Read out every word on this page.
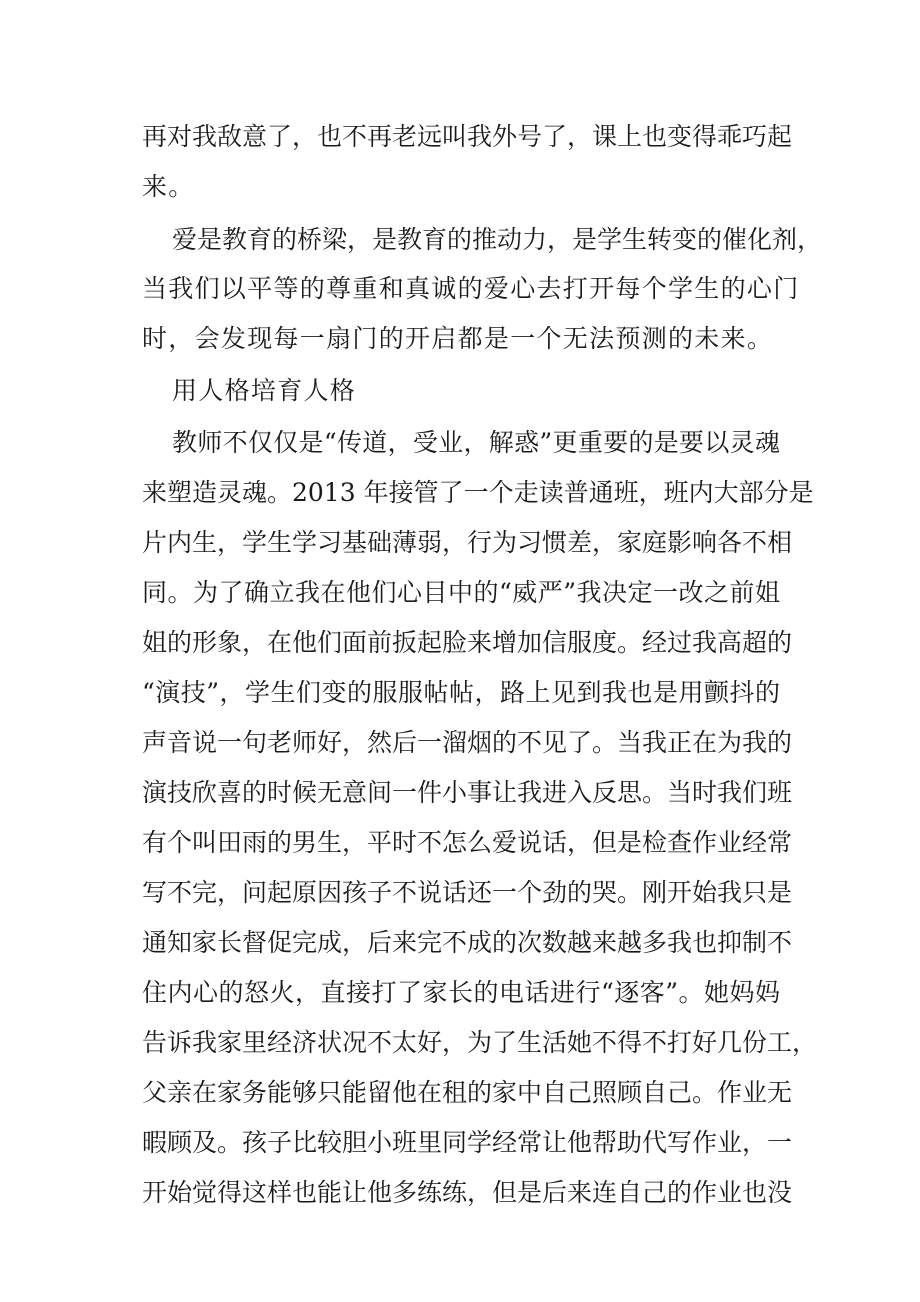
再对我敌意了，也不再老远叫我外号了，课上也变得乖巧起

来。

爱是教育的桥梁，是教育的推动力，是学生转变的催化剂，

当我们以平等的尊重和真诚的爱心去打开每个学生的心门

时，会发现每一扇门的开启都是一个无法预测的未来。

用人格培育人格

教师不仅仅是“传道，受业，解惑”更重要的是要以灵魂

来塑造灵魂。2013 年接管了一个走读普通班，班内大部分是

片内生，学生学习基础薄弱，行为习惯差，家庭影响各不相

同。为了确立我在他们心目中的“威严”我决定一改之前姐

姐的形象，在他们面前扳起脸来增加信服度。经过我高超的

“演技”，学生们变的服服帖帖，路上见到我也是用颤抖的

声音说一句老师好，然后一溜烟的不见了。当我正在为我的

演技欣喜的时候无意间一件小事让我进入反思。当时我们班

有个叫田雨的男生，平时不怎么爱说话，但是检查作业经常

写不完，问起原因孩子不说话还一个劲的哭。刚开始我只是

通知家长督促完成，后来完不成的次数越来越多我也抑制不

住内心的怒火，直接打了家长的电话进行“逐客”。她妈妈

告诉我家里经济状况不太好，为了生活她不得不打好几份工，

父亲在家务能够只能留他在租的家中自己照顾自己。作业无

暇顾及。孩子比较胆小班里同学经常让他帮助代写作业，一

开始觉得这样也能让他多练练，但是后来连自己的作业也没
